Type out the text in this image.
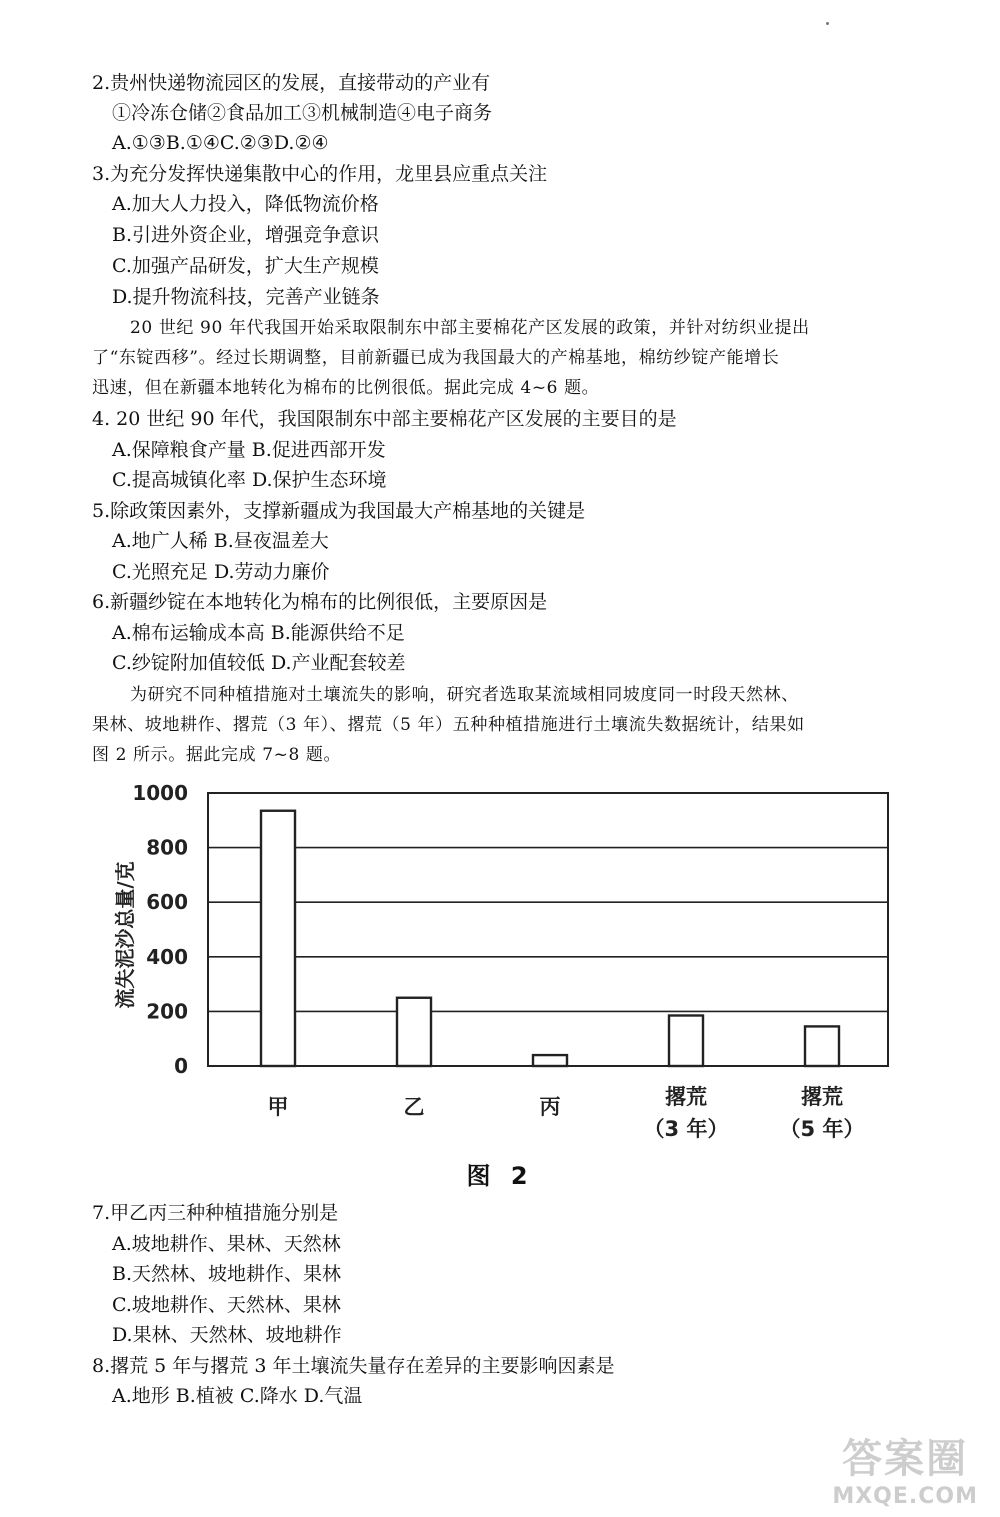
2.贵州快递物流园区的发展，直接带动的产业有
①冷冻仓储②食品加工③机械制造④电子商务
A.①③B.①④C.②③D.②④
3.为充分发挥快递集散中心的作用，龙里县应重点关注
A.加大人力投入，降低物流价格
B.引进外资企业，增强竞争意识
C.加强产品研发，扩大生产规模
D.提升物流科技，完善产业链条
20 世纪 90 年代我国开始采取限制东中部主要棉花产区发展的政策，并针对纺织业提出
了“东锭西移”。经过长期调整，目前新疆已成为我国最大的产棉基地，棉纺纱锭产能增长
迅速，但在新疆本地转化为棉布的比例很低。据此完成 4~6 题。
4. 20 世纪 90 年代，我国限制东中部主要棉花产区发展的主要目的是
A.保障粮食产量 B.促进西部开发
C.提高城镇化率 D.保护生态环境
5.除政策因素外，支撑新疆成为我国最大产棉基地的关键是
A.地广人稀 B.昼夜温差大
C.光照充足 D.劳动力廉价
6.新疆纱锭在本地转化为棉布的比例很低，主要原因是
A.棉布运输成本高 B.能源供给不足
C.纱锭附加值较低 D.产业配套较差
为研究不同种植措施对土壤流失的影响，研究者选取某流域相同坡度同一时段天然林、
果林、坡地耕作、撂荒（3 年）、撂荒（5 年）五种种植措施进行土壤流失数据统计，结果如
图 2 所示。据此完成 7~8 题。
0
200
400
600
800
1000
甲	乙	丙	撂荒
（3 年）
撂荒
（5 年）
流失泥沙总量/克
图 2
7.甲乙丙三种种植措施分别是
A.坡地耕作、果林、天然林
B.天然林、坡地耕作、果林
C.坡地耕作、天然林、果林
D.果林、天然林、坡地耕作
8.撂荒 5 年与撂荒 3 年土壤流失量存在差异的主要影响因素是
A.地形 B.植被 C.降水 D.气温
答案圈
MXQE.COM
